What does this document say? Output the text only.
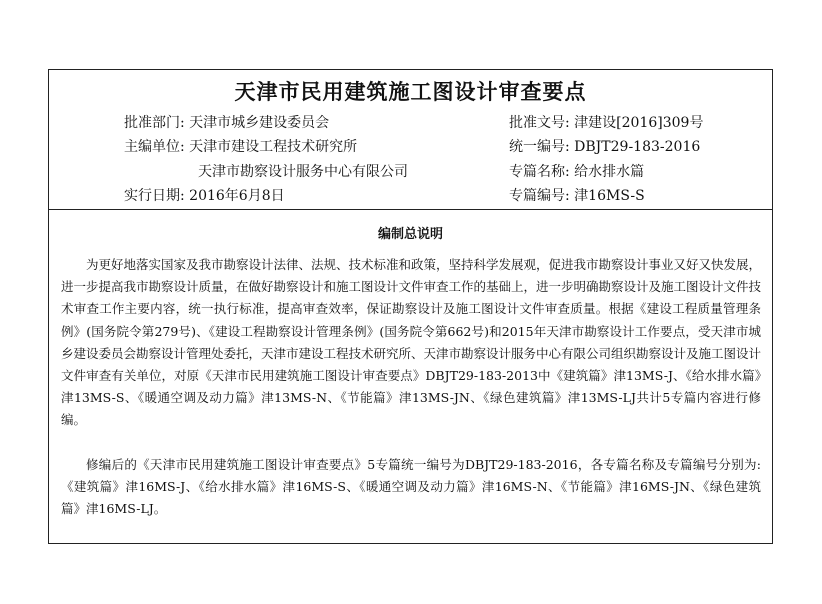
天津市民用建筑施工图设计审查要点
批准部门: 天津市城乡建设委员会	批准文号: 津建设[2016]309号
主编单位: 天津市建设工程技术研究所	统一编号: DBJT29-183-2016
天津市勘察设计服务中心有限公司	专篇名称: 给水排水篇
实行日期: 2016年6月8日	专篇编号: 津16MS-S
编制总说明

为更好地落实国家及我市勘察设计法律、法规、技术标准和政策，坚持科学发展观，促进我市勘察设计事业又好又快发展，进一步提高我市勘察设计质量，在做好勘察设计和施工图设计文件审查工作的基础上，进一步明确勘察设计及施工图设计文件技术审查工作主要内容，统一执行标准，提高审查效率，保证勘察设计及施工图设计文件审查质量。根据《建设工程质量管理条例》(国务院令第279号)、《建设工程勘察设计管理条例》(国务院令第662号)和2015年天津市勘察设计工作要点，受天津市城乡建设委员会勘察设计管理处委托，天津市建设工程技术研究所、天津市勘察设计服务中心有限公司组织勘察设计及施工图设计文件审查有关单位，对原《天津市民用建筑施工图设计审查要点》DBJT29-183-2013中《建筑篇》津13MS-J、《给水排水篇》津13MS-S、《暖通空调及动力篇》津13MS-N、《节能篇》津13MS-JN、《绿色建筑篇》津13MS-LJ共计5专篇内容进行修编。

修编后的《天津市民用建筑施工图设计审查要点》5专篇统一编号为DBJT29-183-2016，各专篇名称及专篇编号分别为:《建筑篇》津16MS-J、《给水排水篇》津16MS-S、《暖通空调及动力篇》津16MS-N、《节能篇》津16MS-JN、《绿色建筑篇》津16MS-LJ。
